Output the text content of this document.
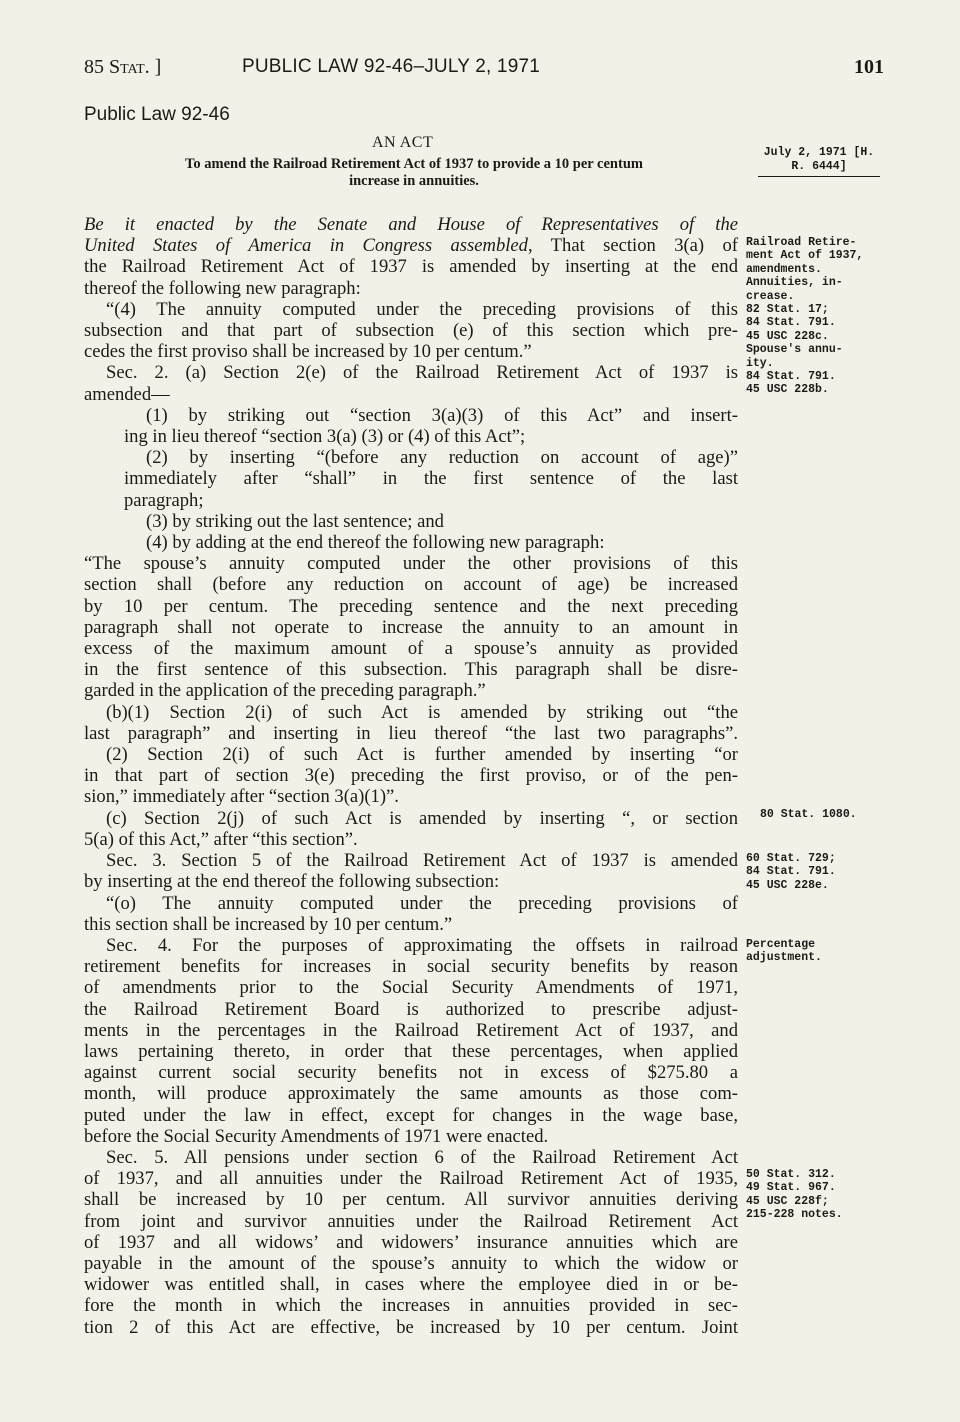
85 Stat. ]	PUBLIC LAW 92-46–JULY 2, 1971	101
Public Law 92-46
AN ACT
To amend the Railroad Retirement Act of 1937 to provide a 10 per centum
increase in annuities.
July 2, 1971 [H. R. 6444]
Be it enacted by the Senate and House of Representatives of the
United States of America in Congress assembled, That section 3(a) of
the Railroad Retirement Act of 1937 is amended by inserting at the end
thereof the following new paragraph:
“(4) The annuity computed under the preceding provisions of this
subsection and that part of subsection (e) of this section which pre-
cedes the first proviso shall be increased by 10 per centum.”
Sec. 2. (a) Section 2(e) of the Railroad Retirement Act of 1937 is
amended—
(1) by striking out “section 3(a)(3) of this Act” and insert-
ing in lieu thereof “section 3(a) (3) or (4) of this Act”;
(2) by inserting “(before any reduction on account of age)”
immediately after “shall” in the first sentence of the last
paragraph;
(3) by striking out the last sentence; and
(4) by adding at the end thereof the following new paragraph:
“The spouse’s annuity computed under the other provisions of this
section shall (before any reduction on account of age) be increased
by 10 per centum. The preceding sentence and the next preceding
paragraph shall not operate to increase the annuity to an amount in
excess of the maximum amount of a spouse’s annuity as provided
in the first sentence of this subsection. This paragraph shall be disre-
garded in the application of the preceding paragraph.”
(b)(1) Section 2(i) of such Act is amended by striking out “the
last paragraph” and inserting in lieu thereof “the last two paragraphs”.
(2) Section 2(i) of such Act is further amended by inserting “or
in that part of section 3(e) preceding the first proviso, or of the pen-
sion,” immediately after “section 3(a)(1)”.
(c) Section 2(j) of such Act is amended by inserting “, or section
5(a) of this Act,” after “this section”.
Sec. 3. Section 5 of the Railroad Retirement Act of 1937 is amended
by inserting at the end thereof the following subsection:
“(o) The annuity computed under the preceding provisions of
this section shall be increased by 10 per centum.”
Sec. 4. For the purposes of approximating the offsets in railroad
retirement benefits for increases in social security benefits by reason
of amendments prior to the Social Security Amendments of 1971,
the Railroad Retirement Board is authorized to prescribe adjust-
ments in the percentages in the Railroad Retirement Act of 1937, and
laws pertaining thereto, in order that these percentages, when applied
against current social security benefits not in excess of $275.80 a
month, will produce approximately the same amounts as those com-
puted under the law in effect, except for changes in the wage base,
before the Social Security Amendments of 1971 were enacted.
Sec. 5. All pensions under section 6 of the Railroad Retirement Act
of 1937, and all annuities under the Railroad Retirement Act of 1935,
shall be increased by 10 per centum. All survivor annuities deriving
from joint and survivor annuities under the Railroad Retirement Act
of 1937 and all widows’ and widowers’ insurance annuities which are
payable in the amount of the spouse’s annuity to which the widow or
widower was entitled shall, in cases where the employee died in or be-
fore the month in which the increases in annuities provided in sec-
tion 2 of this Act are effective, be increased by 10 per centum. Joint
Railroad Retire-
ment Act of 1937,
amendments.
Annuities, in-
crease.
82 Stat. 17;
84 Stat. 791.
45 USC 228c.
Spouse's annu-
ity.
84 Stat. 791.
45 USC 228b.
80 Stat. 1080.
60 Stat. 729;
84 Stat. 791.
45 USC 228e.
Percentage
adjustment.
50 Stat. 312.
49 Stat. 967.
45 USC 228f;
215-228 notes.
